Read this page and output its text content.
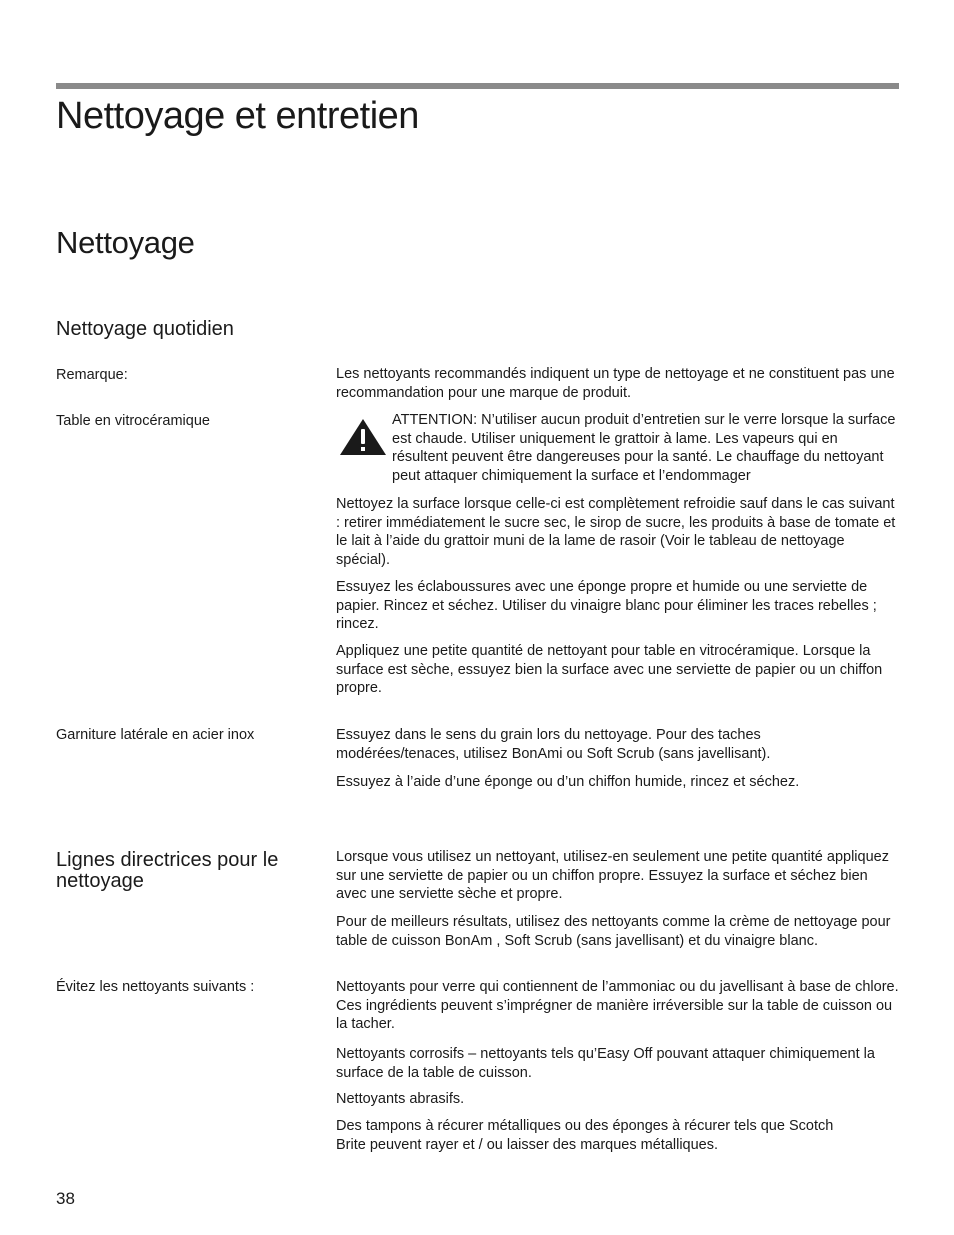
Nettoyage et entretien
Nettoyage
Nettoyage quotidien

Remarque:	Les nettoyants recommandés indiquent un type de nettoyage et ne constituent pas une recommandation pour une marque de produit.

Table en vitrocéramique	ATTENTION: N’utiliser aucun produit d’entretien sur le verre lorsque la surface est chaude. Utiliser uniquement le grattoir à lame. Les vapeurs qui en résultent peuvent être dangereuses pour la santé. Le chauffage du nettoyant peut attaquer chimiquement la surface et l’endommager

Nettoyez la surface lorsque celle-ci est complètement refroidie sauf dans le cas suivant : retirer immédiatement le sucre sec, le sirop de sucre, les produits à base de tomate et le lait à l’aide du grattoir muni de la lame de rasoir (Voir le tableau de nettoyage spécial).

Essuyez les éclaboussures avec une éponge propre et humide ou une serviette de papier. Rincez et séchez. Utiliser du vinaigre blanc pour éliminer les traces rebelles ; rincez.

Appliquez une petite quantité de nettoyant pour table en vitrocéramique. Lorsque la surface est sèche, essuyez bien la surface avec une serviette de papier ou un chiffon propre.

Garniture latérale en acier inox	Essuyez dans le sens du grain lors du nettoyage. Pour des taches modérées/tenaces, utilisez BonAmi ou Soft Scrub (sans javellisant).

Essuyez à l’aide d’une éponge ou d’un chiffon humide, rincez et séchez.

Lignes directrices pour le nettoyage

Lorsque vous utilisez un nettoyant, utilisez-en seulement une petite quantité appliquez sur une serviette de papier ou un chiffon propre. Essuyez la surface et séchez bien avec une serviette sèche et propre.

Pour de meilleurs résultats, utilisez des nettoyants comme la crème de nettoyage pour table de cuisson BonAm , Soft Scrub (sans javellisant) et du vinaigre blanc.

Évitez les nettoyants suivants :	Nettoyants pour verre qui contiennent de l’ammoniac ou du javellisant à base de chlore. Ces ingrédients peuvent s’imprégner de manière irréversible sur la table de cuisson ou la tacher.

Nettoyants corrosifs – nettoyants tels qu’Easy Off pouvant attaquer chimiquement la surface de la table de cuisson.

Nettoyants abrasifs.

Des tampons à récurer métalliques ou des éponges à récurer tels que Scotch Brite peuvent rayer et / ou laisser des marques métalliques.

38
